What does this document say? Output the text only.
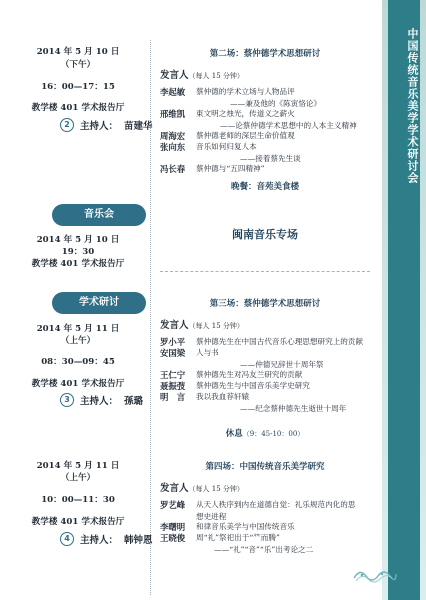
中国传统音乐美学学术研讨会
2014 年 5 月 10 日
（下午）
16：00—17：15
教学楼 401 学术报告厅
2	主持人： 苗建华
音乐会
2014 年 5 月 10 日
19：30
教学楼 401 学术报告厅
学术研讨
2014 年 5 月 11 日
（上午）
08：30—09：45
教学楼 401 学术报告厅
3	主持人： 孫璐
2014 年 5 月 11 日
（上午）
10：00—11：30
教学楼 401 学术报告厅
4	主持人： 韩钟恩
第二场：蔡仲德学术思想研讨
发言人（每人 15 分钟）
李起敏	蔡仲德的学术立场与人物品评
——兼及他的《陈寅恪论》
邢维凯	東文明之烛光，传道义之薪火
——论蔡仲德学术思想中的人本主义精神
周海宏	蔡仲德老师的深层生命价值观
张向东	音乐如何归复人本
——接着蔡先生谈
冯长春	蔡仲德与“五四精神”
晚餐：音苑美食楼
闽南音乐专场
第三场：蔡仲德学术思想研讨
发言人（每人 15 分钟）
罗小平	蔡仲德先生在中国古代音乐心理思想研究上的贡献
安国梁	人与书
——仲德兄辞世十周年祭
王仁宁	蔡仲德先生对冯友兰研究的贡献
聂振弢	蔡仲德先生与中国音乐美学史研究
明　言	我以我血荐轩辕
——纪念蔡仲德先生逝世十周年
休息（9：45-10：00）
第四场：中国传统音乐美学研究
发言人（每人 15 分钟）
罗艺峰	从天人秩序到内在道德自觉：礼乐规范内化的思
想史进程
李曙明	和律音乐美学与中国传统音乐
王晓俊	周“礼”祭祀出于“𥫗而腾”
——“礼”“音”“乐”出考论之二
